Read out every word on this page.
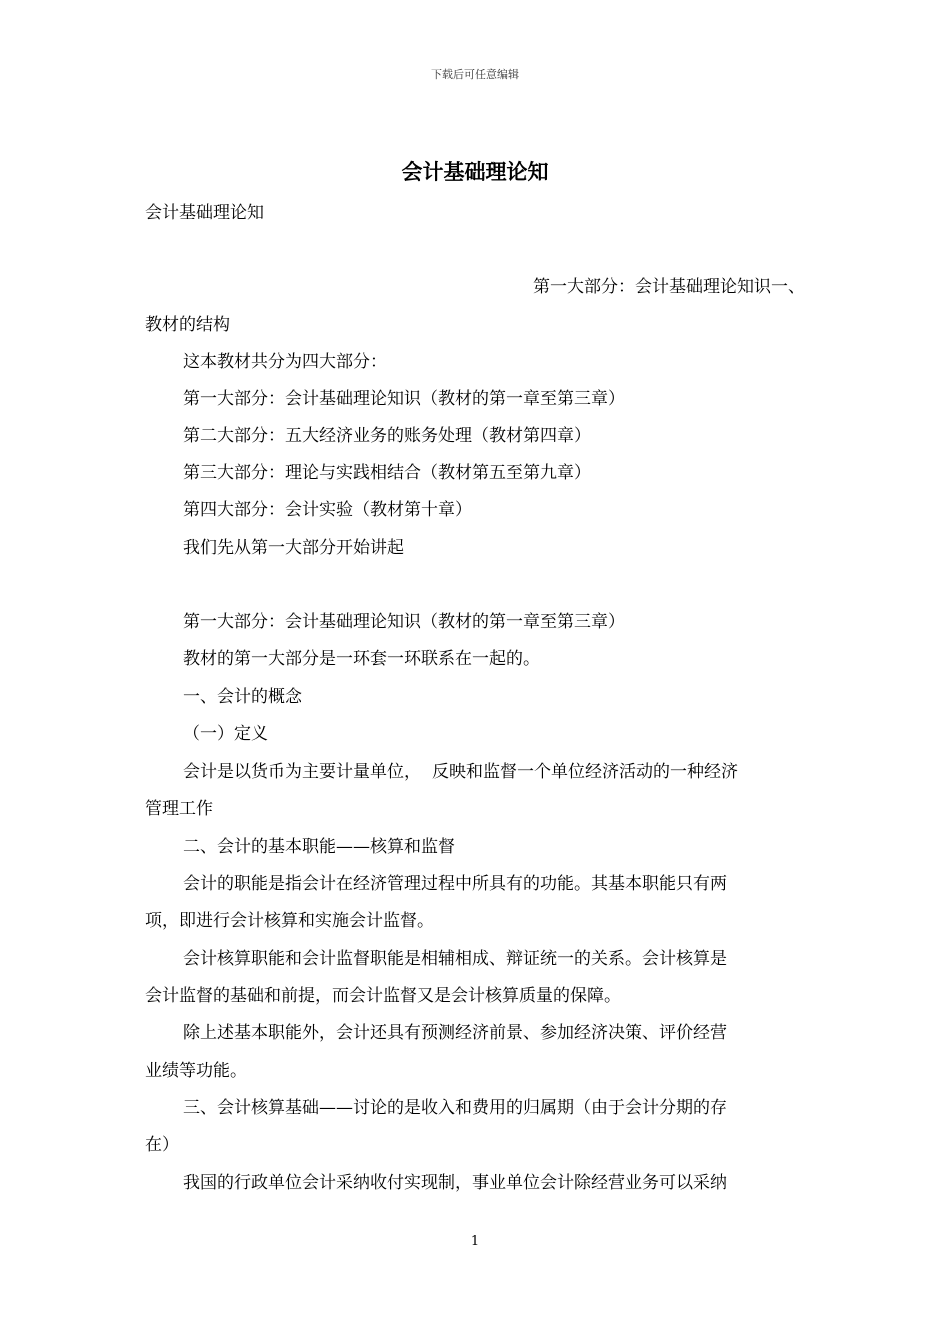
下载后可任意编辑
会计基础理论知
会计基础理论知
第一大部分：会计基础理论知识一、
教材的结构
这本教材共分为四大部分：
第一大部分：会计基础理论知识（教材的第一章至第三章）
第二大部分：五大经济业务的账务处理（教材第四章）
第三大部分：理论与实践相结合（教材第五至第九章）
第四大部分：会计实验（教材第十章）
我们先从第一大部分开始讲起
第一大部分：会计基础理论知识（教材的第一章至第三章）
教材的第一大部分是一环套一环联系在一起的。
一、会计的概念
（一）定义
会计是以货币为主要计量单位， 反映和监督一个单位经济活动的一种经济
管理工作
二、会计的基本职能——核算和监督
会计的职能是指会计在经济管理过程中所具有的功能。其基本职能只有两
项，即进行会计核算和实施会计监督。
会计核算职能和会计监督职能是相辅相成、辩证统一的关系。会计核算是
会计监督的基础和前提，而会计监督又是会计核算质量的保障。
除上述基本职能外，会计还具有预测经济前景、参加经济决策、评价经营
业绩等功能。
三、会计核算基础——讨论的是收入和费用的归属期（由于会计分期的存
在）
我国的行政单位会计采纳收付实现制，事业单位会计除经营业务可以采纳
1
